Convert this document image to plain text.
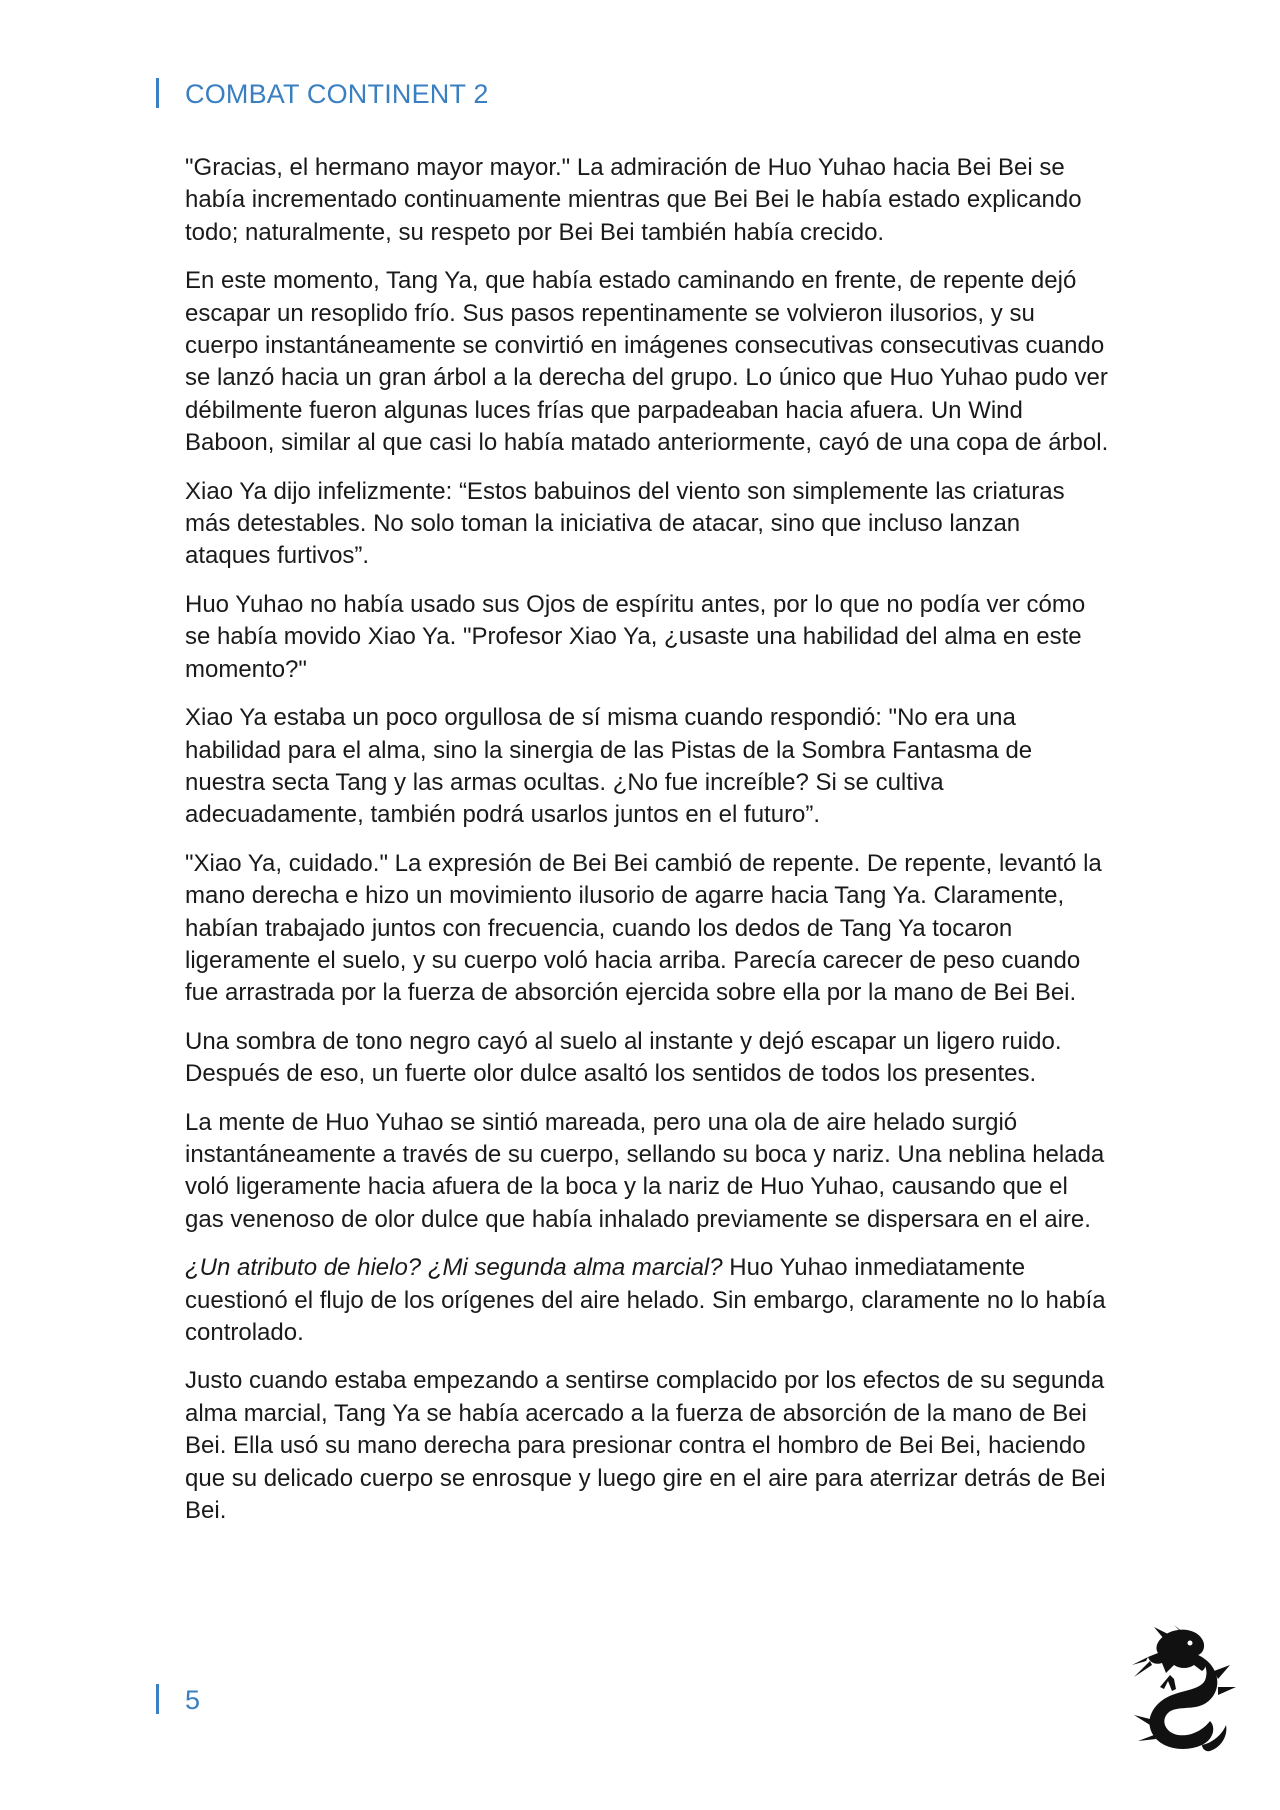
COMBAT CONTINENT 2

"Gracias, el hermano mayor mayor." La admiración de Huo Yuhao hacia Bei Bei se había incrementado continuamente mientras que Bei Bei le había estado explicando todo; naturalmente, su respeto por Bei Bei también había crecido.

En este momento, Tang Ya, que había estado caminando en frente, de repente dejó escapar un resoplido frío. Sus pasos repentinamente se volvieron ilusorios, y su cuerpo instantáneamente se convirtió en imágenes consecutivas consecutivas cuando se lanzó hacia un gran árbol a la derecha del grupo. Lo único que Huo Yuhao pudo ver débilmente fueron algunas luces frías que parpadeaban hacia afuera. Un Wind Baboon, similar al que casi lo había matado anteriormente, cayó de una copa de árbol.

Xiao Ya dijo infelizmente: “Estos babuinos del viento son simplemente las criaturas más detestables. No solo toman la iniciativa de atacar, sino que incluso lanzan ataques furtivos”.

Huo Yuhao no había usado sus Ojos de espíritu antes, por lo que no podía ver cómo se había movido Xiao Ya. "Profesor Xiao Ya, ¿usaste una habilidad del alma en este momento?"

Xiao Ya estaba un poco orgullosa de sí misma cuando respondió: "No era una habilidad para el alma, sino la sinergia de las Pistas de la Sombra Fantasma de nuestra secta Tang y las armas ocultas. ¿No fue increíble? Si se cultiva adecuadamente, también podrá usarlos juntos en el futuro”.

"Xiao Ya, cuidado." La expresión de Bei Bei cambió de repente. De repente, levantó la mano derecha e hizo un movimiento ilusorio de agarre hacia Tang Ya. Claramente, habían trabajado juntos con frecuencia, cuando los dedos de Tang Ya tocaron ligeramente el suelo, y su cuerpo voló hacia arriba. Parecía carecer de peso cuando fue arrastrada por la fuerza de absorción ejercida sobre ella por la mano de Bei Bei.

Una sombra de tono negro cayó al suelo al instante y dejó escapar un ligero ruido. Después de eso, un fuerte olor dulce asaltó los sentidos de todos los presentes.

La mente de Huo Yuhao se sintió mareada, pero una ola de aire helado surgió instantáneamente a través de su cuerpo, sellando su boca y nariz. Una neblina helada voló ligeramente hacia afuera de la boca y la nariz de Huo Yuhao, causando que el gas venenoso de olor dulce que había inhalado previamente se dispersara en el aire.

¿Un atributo de hielo? ¿Mi segunda alma marcial? Huo Yuhao inmediatamente cuestionó el flujo de los orígenes del aire helado. Sin embargo, claramente no lo había controlado.

Justo cuando estaba empezando a sentirse complacido por los efectos de su segunda alma marcial, Tang Ya se había acercado a la fuerza de absorción de la mano de Bei Bei. Ella usó su mano derecha para presionar contra el hombro de Bei Bei, haciendo que su delicado cuerpo se enrosque y luego gire en el aire para aterrizar detrás de Bei Bei.

5
